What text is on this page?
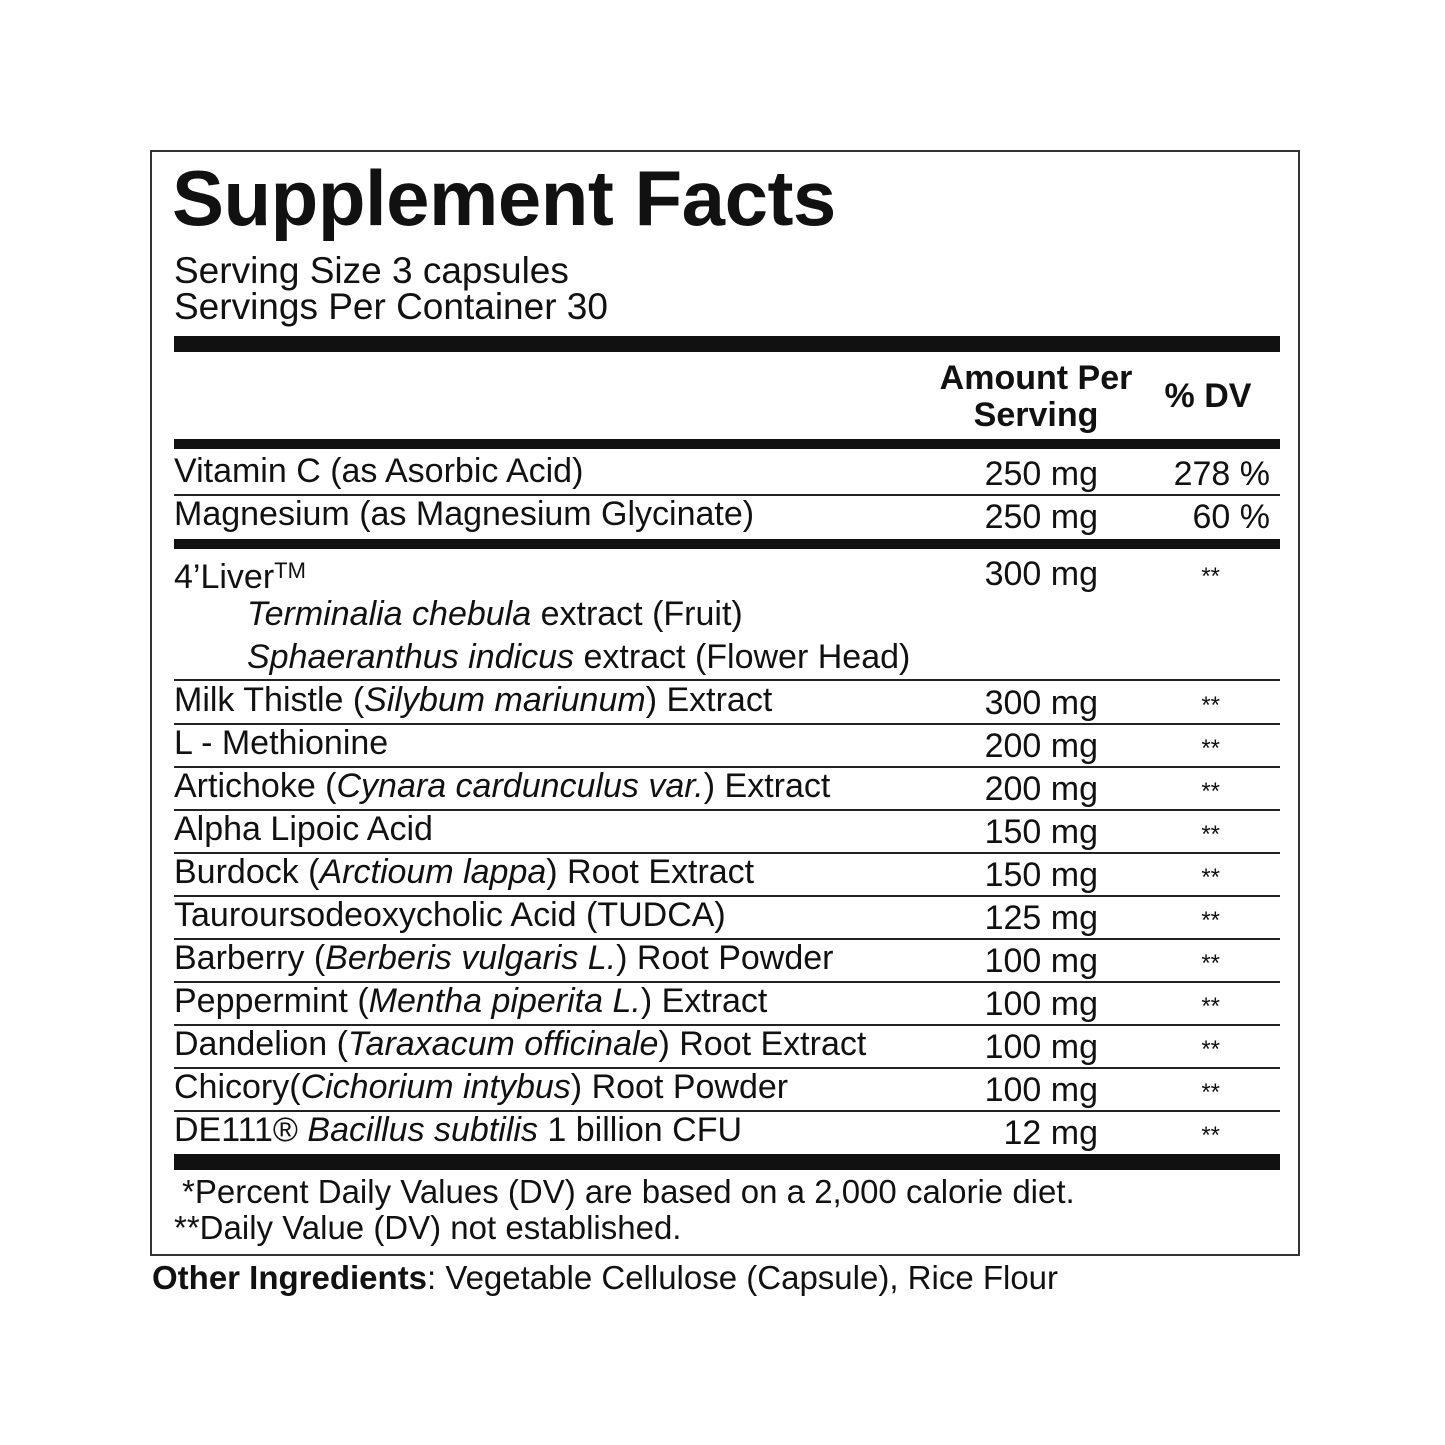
Supplement Facts
Serving Size 3 capsules
Servings Per Container 30
Amount Per
Serving	% DV
Vitamin C (as Asorbic Acid)	250 mg 278 %
Magnesium (as Magnesium Glycinate)	250 mg	60 %
4’Liver™	300 mg	**
Terminalia chebula extract (Fruit)
Sphaeranthus indicus extract (Flower Head)
Milk Thistle (Silybum mariunum) Extract	300 mg	**
L - Methionine	200 mg	**
Artichoke (Cynara cardunculus var.) Extract	200 mg	**
Alpha Lipoic Acid	150 mg	**
Burdock (Arctioum lappa) Root Extract	150 mg	**
Tauroursodeoxycholic Acid (TUDCA)	125 mg	**
Barberry (Berberis vulgaris L.) Root Powder	100 mg	**
Peppermint (Mentha piperita L.) Extract	100 mg	**
Dandelion (Taraxacum officinale) Root Extract	100 mg	**
Chicory(Cichorium intybus) Root Powder	100 mg	**
DE111® Bacillus subtilis 1 billion CFU	12 mg	**
*Percent Daily Values (DV) are based on a 2,000 calorie diet.
**Daily Value (DV) not established.
Other Ingredients: Vegetable Cellulose (Capsule), Rice Flour
